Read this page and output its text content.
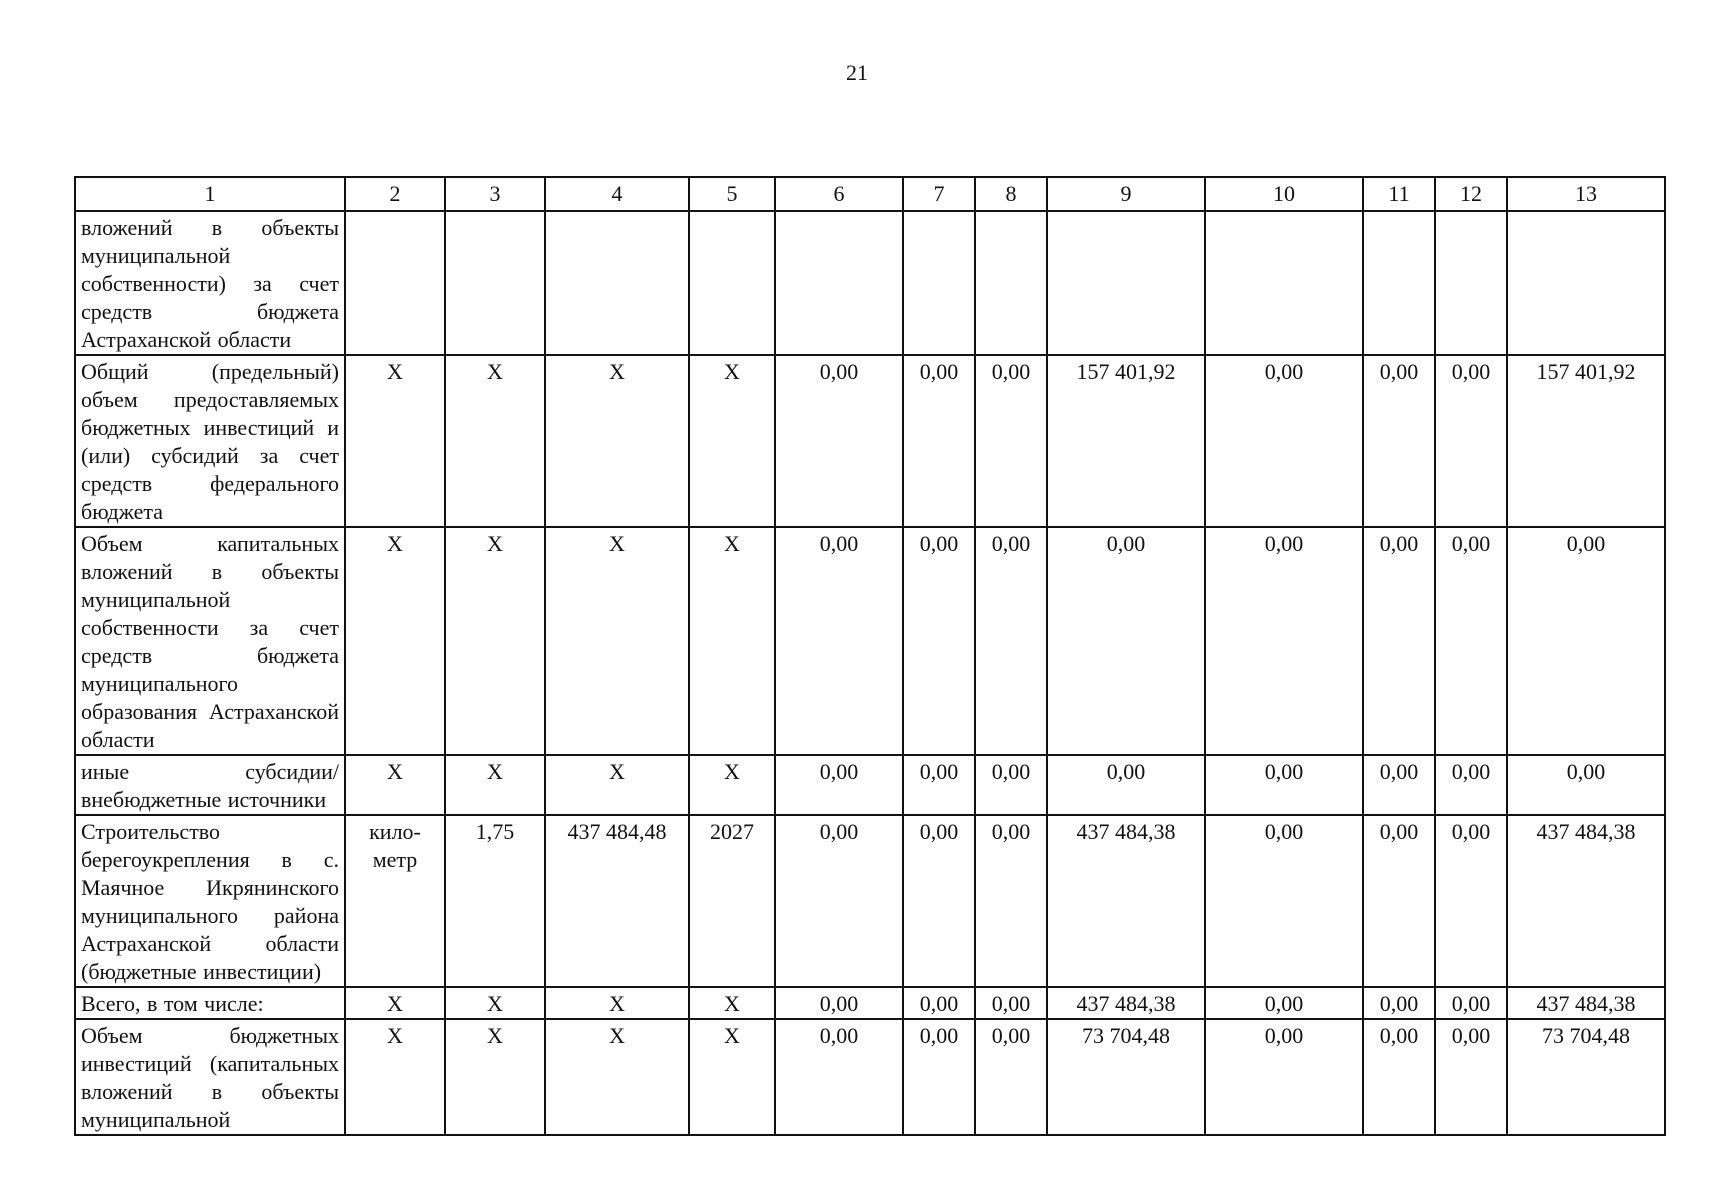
21
1	2	3	4	5	6	7	8	9	10	11	12	13
вложений в объекты муниципальной собственности) за счет средств бюджета Астраханской области												
Общий (предельный) объем предоставляемых бюджетных инвестиций и (или) субсидий за счет средств федерального бюджета	X	X	X	X	0,00	0,00	0,00	157 401,92	0,00	0,00	0,00	157 401,92
Объем капитальных вложений в объекты муниципальной собственности за счет средств бюджета муниципального образования Астраханской области	X	X	X	X	0,00	0,00	0,00	0,00	0,00	0,00	0,00	0,00
иные субсидии/ внебюджетные источники	X	X	X	X	0,00	0,00	0,00	0,00	0,00	0,00	0,00	0,00
Строительство берегоукрепления в с. Маячное Икрянинского муниципального района Астраханской области (бюджетные инвестиции)	кило-метр	1,75	437 484,48	2027	0,00	0,00	0,00	437 484,38	0,00	0,00	0,00	437 484,38
Всего, в том числе:	X	X	X	X	0,00	0,00	0,00	437 484,38	0,00	0,00	0,00	437 484,38
Объем бюджетных инвестиций (капитальных вложений в объекты муниципальной	X	X	X	X	0,00	0,00	0,00	73 704,48	0,00	0,00	0,00	73 704,48
